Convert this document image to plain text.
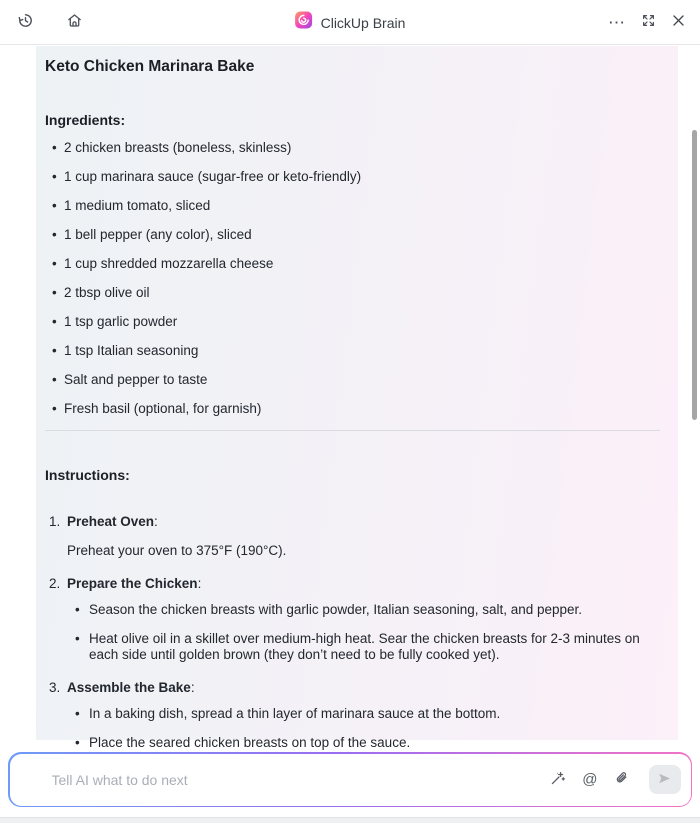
ClickUp Brain	⋯
Keto Chicken Marinara Bake
Ingredients:
• 2 chicken breasts (boneless, skinless)
• 1 cup marinara sauce (sugar-free or keto-friendly)
• 1 medium tomato, sliced
• 1 bell pepper (any color), sliced
• 1 cup shredded mozzarella cheese
• 2 tbsp olive oil
• 1 tsp garlic powder
• 1 tsp Italian seasoning
• Salt and pepper to taste
• Fresh basil (optional, for garnish)
Instructions:
1. Preheat Oven:

Preheat your oven to 375°F (190°C).

2. Prepare the Chicken:
• Season the chicken breasts with garlic powder, Italian seasoning, salt, and pepper.
• Heat olive oil in a skillet over medium-high heat. Sear the chicken breasts for 2-3 minutes on each side until golden brown (they don’t need to be fully cooked yet).
3. Assemble the Bake:
• In a baking dish, spread a thin layer of marinara sauce at the bottom.
• Place the seared chicken breasts on top of the sauce.
Tell AI what to do next
@
